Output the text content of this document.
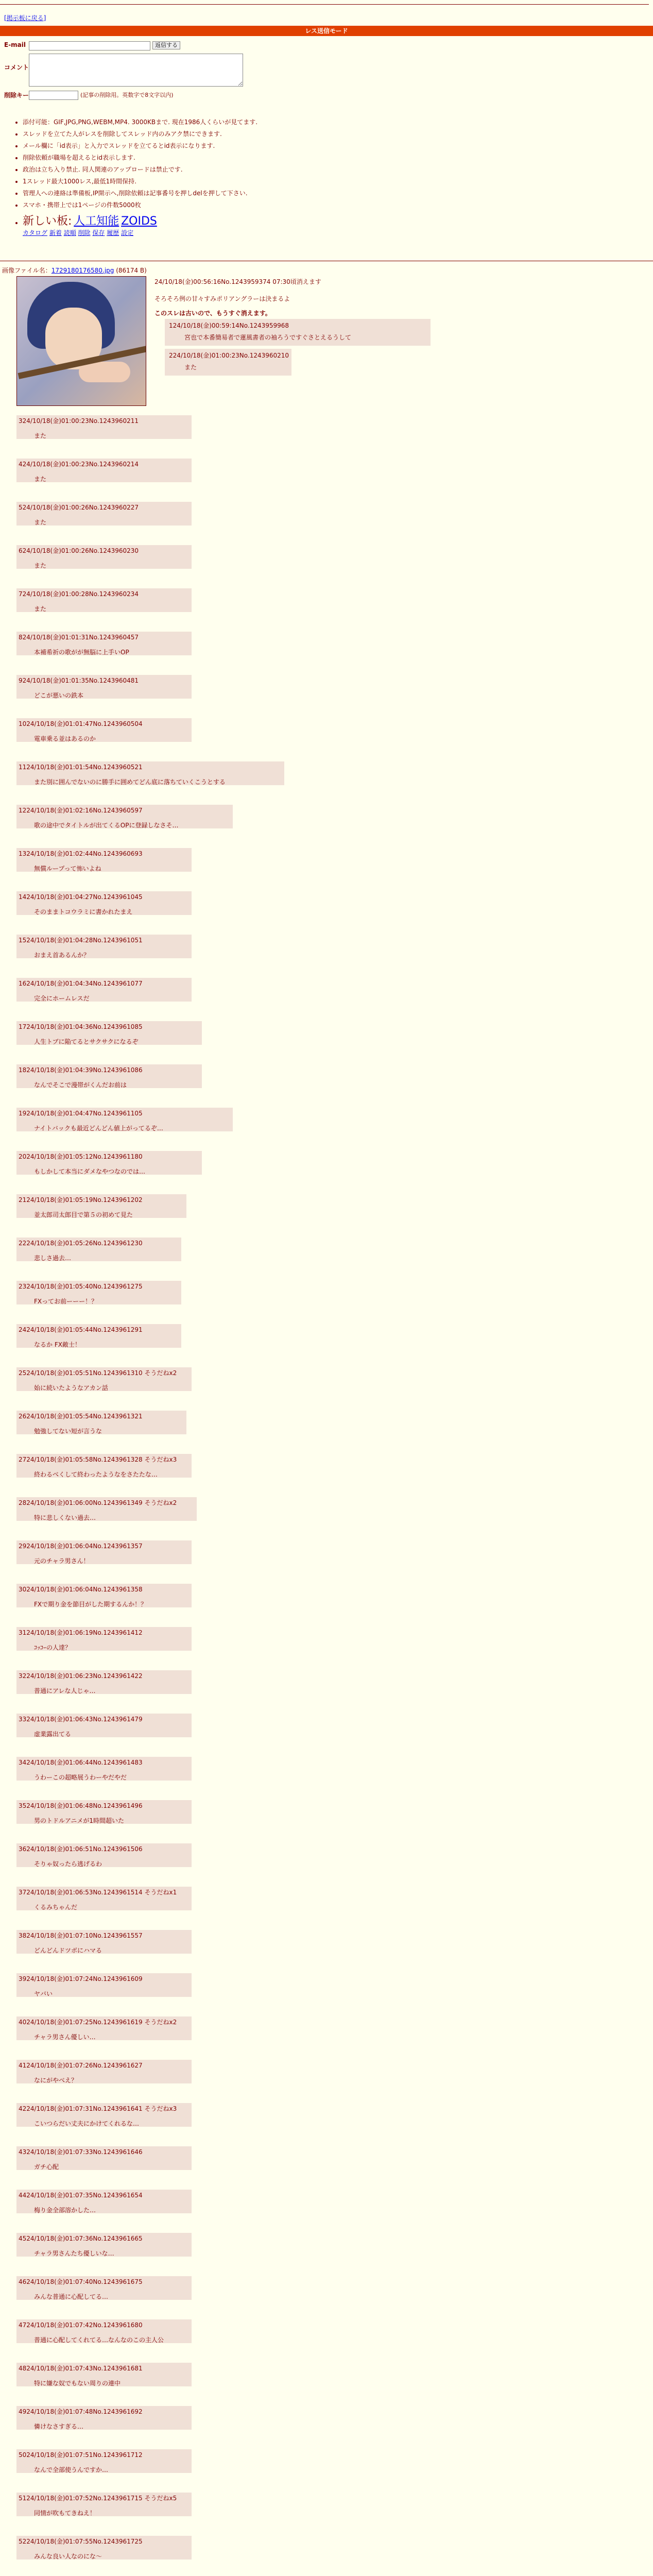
[掲示板に戻る]
レス送信モード
E-mail	返信する
コメント
削除キー	(記事の削除用。英数字で8文字以内)
• 添付可能：GIF,JPG,PNG,WEBM,MP4. 3000KBまで. 現在1986人くらいが見てます.
• スレッドを立てた人がレスを削除してスレッド内のみアク禁にできます.
• メール欄に「id表示」と入力でスレッドを立てるとid表示になります.
• 削除依頼が職場を超えるとid表示します.
• 政治は立ち入り禁止. 同人関連のアップロードは禁止です.
• 1スレッド最大1000レス,最低1時間保持.
• 管理人への連絡は準備板,IP開示へ,削除依頼は記事番号を押しdelを押して下さい.
• スマホ・携帯上では1ページの件数5000枚
• 新しい板: 人工知能 ZOIDS
カタログ 新着 読順 削除 保存 履歴 設定
画像ファイル名：1729180176580.jpg (86174 B)
24/10/18(金)00:56:16No.1243959374 07:30頃消えます
そろそろ例の甘々すみポリアングラーは決まるよ
このスレは古いので、もうすぐ消えます。
124/10/18(金)00:59:14No.1243959968
宮也で本番簡易者で蓮風書者の袖ろうですぐさとえるうして

224/10/18(金)01:00:23No.1243960210
また
324/10/18(金)01:00:23No.1243960211
また
424/10/18(金)01:00:23No.1243960214
また
524/10/18(金)01:00:26No.1243960227
また
624/10/18(金)01:00:26No.1243960230
また
724/10/18(金)01:00:28No.1243960234
また
824/10/18(金)01:01:31No.1243960457
本補希祈の歌がが無脳に上手いOP
924/10/18(金)01:01:35No.1243960481
どこが悪いの鉄本
1024/10/18(金)01:01:47No.1243960504
電車乗る並はあるのか
1124/10/18(金)01:01:54No.1243960521
また別に囲んでないのに勝手に囲めてどん底に落ちていくこうとする
1224/10/18(金)01:02:16No.1243960597
歌の途中でタイトルが出てくるOPに登録しなさそ…
1324/10/18(金)01:02:44No.1243960693
無償ループって怖いよね
1424/10/18(金)01:04:27No.1243961045
そのままトコウラミに書かれたまえ
1524/10/18(金)01:04:28No.1243961051
おまえ首あるんか？
1624/10/18(金)01:04:34No.1243961077
完全にホームレスだ
1724/10/18(金)01:04:36No.1243961085
人生トブに陥てるとサクサクになるぞ
1824/10/18(金)01:04:39No.1243961086
なんでそこで漫帯がくんだお前は
1924/10/18(金)01:04:47No.1243961105
ナイトバックも最近どんどん値上がってるぞ…
2024/10/18(金)01:05:12No.1243961180
もしかして本当にダメなやつなのでは…
2124/10/18(金)01:05:19No.1243961202
並太郎司太郎目で第５の初めて見た
2224/10/18(金)01:05:26No.1243961230
悲しさ過去…
2324/10/18(金)01:05:40No.1243961275
FXってお前ーーー！？
2424/10/18(金)01:05:44No.1243961291
なるか FX敵士！
2524/10/18(金)01:05:51No.1243961310 そうだねx2
始に続いたようなアカン話
2624/10/18(金)01:05:54No.1243961321
勉強してない短が言うな
2724/10/18(金)01:05:58No.1243961328 そうだねx3
終わるべくして終わったようなをさたたな…
2824/10/18(金)01:06:00No.1243961349 そうだねx2
特に悲しくない過去…
2924/10/18(金)01:06:04No.1243961357
元のチャラ男さん！
3024/10/18(金)01:06:04No.1243961358
FXで期り金を節目がした期するんか！？
3124/10/18(金)01:06:19No.1243961412
ｺｯｺｰの人達？
3224/10/18(金)01:06:23No.1243961422
普通にアレな人じゃ…
3324/10/18(金)01:06:43No.1243961479
虚業露出てる
3424/10/18(金)01:06:44No.1243961483
うわーこの超略展うわーやだやだ
3524/10/18(金)01:06:48No.1243961496
男のトドルアニメが1時間超いた
3624/10/18(金)01:06:51No.1243961506
そりゃ奴ったら逃げるわ
3724/10/18(金)01:06:53No.1243961514 そうだねx1
くるみちゃんだ
3824/10/18(金)01:07:10No.1243961557
どんどんドツボにハマる
3924/10/18(金)01:07:24No.1243961609
ヤバい
4024/10/18(金)01:07:25No.1243961619 そうだねx2
チャラ男さん優しい…
4124/10/18(金)01:07:26No.1243961627
なにがやべえ？
4224/10/18(金)01:07:31No.1243961641 そうだねx3
こいつらだい丈夫にかけてくれるな…
4324/10/18(金)01:07:33No.1243961646
ガチ心配
4424/10/18(金)01:07:35No.1243961654
梅り金全部溶かした…
4524/10/18(金)01:07:36No.1243961665
チャラ男さんたち優しいな…
4624/10/18(金)01:07:40No.1243961675
みんな普通に心配してる…
4724/10/18(金)01:07:42No.1243961680
普通に心配してくれてる…なんなのこの主人公
4824/10/18(金)01:07:43No.1243961681
特に嫌な奴でもない周りの連中
4924/10/18(金)01:07:48No.1243961692
憐けなさすぎる…
5024/10/18(金)01:07:51No.1243961712
なんで全部使うんですか…
5124/10/18(金)01:07:52No.1243961715 そうだねx5
同情が吹もてきねえ！
5224/10/18(金)01:07:55No.1243961725
みんな良い人なのにな〜
